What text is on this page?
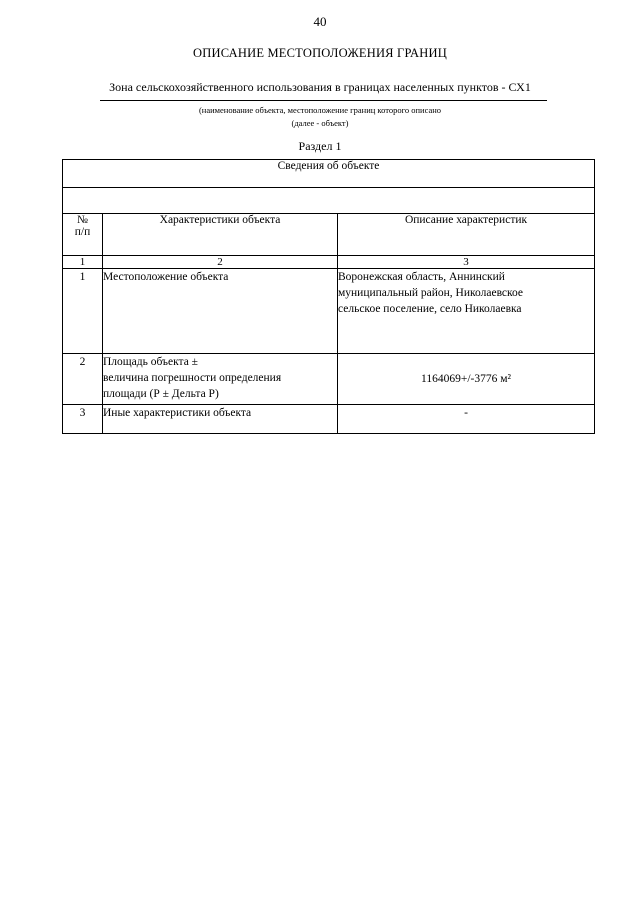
40
ОПИСАНИЕ МЕСТОПОЛОЖЕНИЯ ГРАНИЦ
Зона сельскохозяйственного использования в границах населенных пунктов - СХ1
(наименование объекта, местоположение границ которого описано
(далее - объект)
Раздел 1
Сведения об объекте		

№
п/п	Характеристики объекта	Описание характеристик
1	2	3
1	Местоположение объекта	Воронежская область, Аннинский
муниципальный район, Николаевское
сельское поселение, село Николаевка

2	Площадь объекта ±
величина погрешности определения
площади (Р ± Дельта Р)	1164069+/-3776 м²

3	Иные характеристики объекта	-
